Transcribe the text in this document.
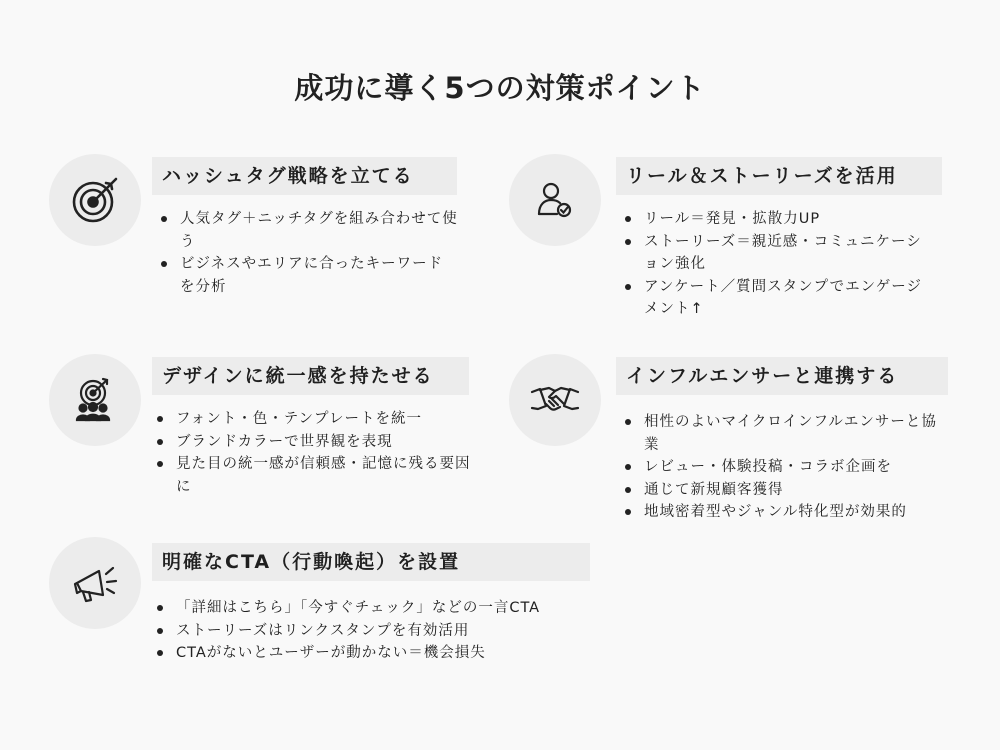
成功に導く5つの対策ポイント
ハッシュタグ戦略を立てる
人気タグ＋ニッチタグを組み合わせて使う
ビジネスやエリアに合ったキーワードを分析
リール＆ストーリーズを活用
リール＝発見・拡散力UP
ストーリーズ＝親近感・コミュニケーション強化
アンケート／質問スタンプでエンゲージメント↑
デザインに統一感を持たせる
フォント・色・テンプレートを統一
ブランドカラーで世界観を表現
見た目の統一感が信頼感・記憶に残る要因に
インフルエンサーと連携する
相性のよいマイクロインフルエンサーと協業
レビュー・体験投稿・コラボ企画を
通じて新規顧客獲得
地域密着型やジャンル特化型が効果的
明確なCTA（行動喚起）を設置
「詳細はこちら」「今すぐチェック」などの一言CTA
ストーリーズはリンクスタンプを有効活用
CTAがないとユーザーが動かない＝機会損失
